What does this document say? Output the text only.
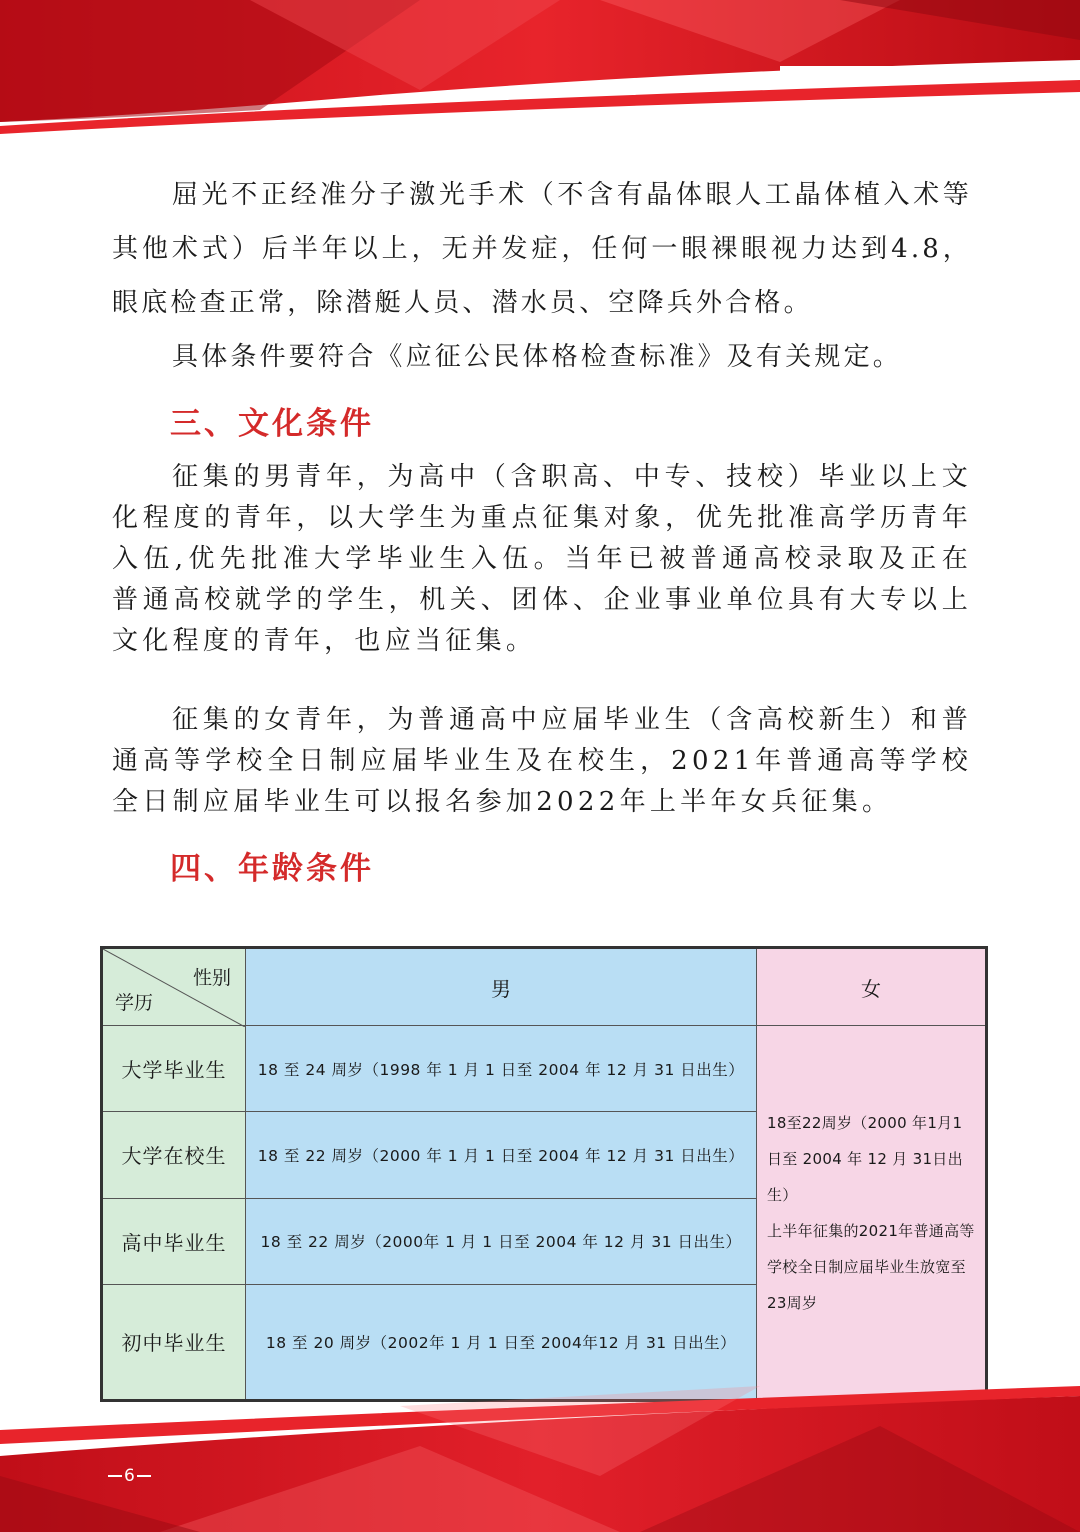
屈光不正经准分子激光手术（不含有晶体眼人工晶体植入术等其他术式）后半年以上，无并发症，任何一眼裸眼视力达到4.8，眼底检查正常，除潜艇人员、潜水员、空降兵外合格。

具体条件要符合《应征公民体格检查标准》及有关规定。

三、文化条件

征集的男青年，为高中（含职高、中专、技校）毕业以上文化程度的青年，以大学生为重点征集对象，优先批准高学历青年入伍,优先批准大学毕业生入伍。当年已被普通高校录取及正在普通高校就学的学生，机关、团体、企业事业单位具有大专以上文化程度的青年，也应当征集。

征集的女青年，为普通高中应届毕业生（含高校新生）和普通高等学校全日制应届毕业生及在校生，2021年普通高等学校全日制应届毕业生可以报名参加2022年上半年女兵征集。

四、年龄条件
性别
学历	男	女
大学毕业生	18 至 24 周岁（1998 年 1 月 1 日至 2004 年 12 月 31 日出生）	18至22周岁（2000 年1月1日至 2004 年 12 月 31日出生）
上半年征集的2021年普通高等学校全日制应届毕业生放宽至23周岁

大学在校生	18 至 22 周岁（2000 年 1 月 1 日至 2004 年 12 月 31 日出生）	
高中毕业生	18 至 22 周岁（2000年 1 月 1 日至 2004 年 12 月 31 日出生）	
初中毕业生	18 至 20 周岁（2002年 1 月 1 日至 2004年12 月 31 日出生）	
6
